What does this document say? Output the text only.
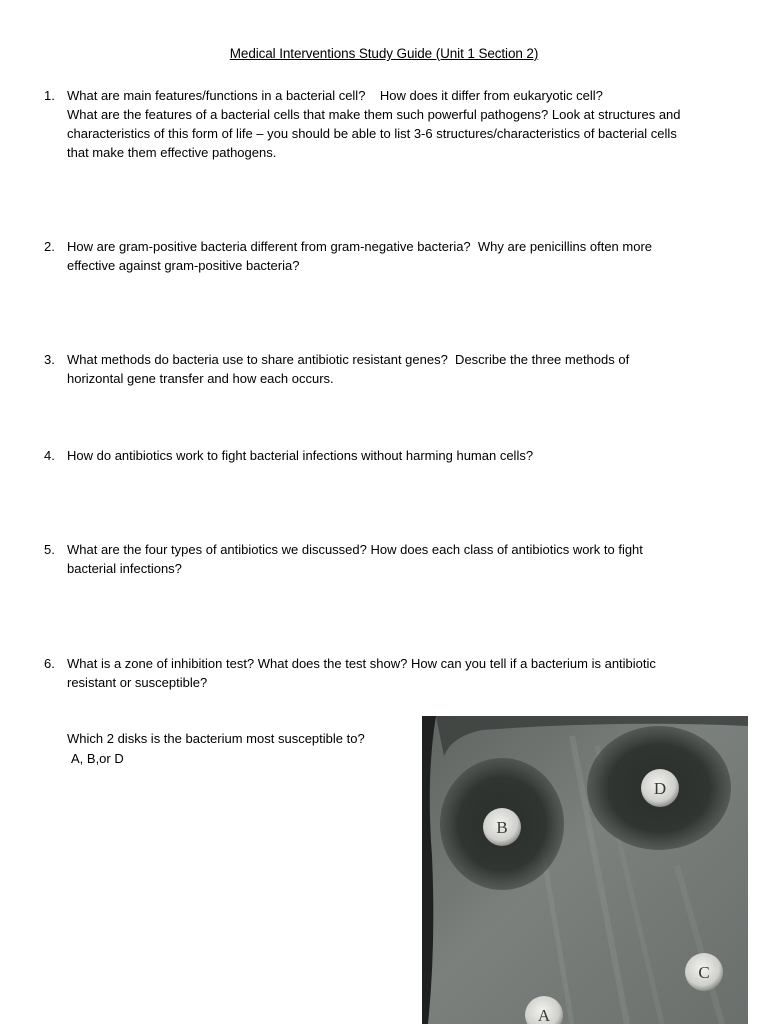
Medical Interventions Study Guide (Unit 1 Section 2)
1. What are main features/functions in a bacterial cell?    How does it differ from eukaryotic cell?
What are the features of a bacterial cells that make them such powerful pathogens? Look at structures and
characteristics of this form of life – you should be able to list 3-6 structures/characteristics of bacterial cells
that make them effective pathogens.
2. How are gram-positive bacteria different from gram-negative bacteria?  Why are penicillins often more
effective against gram-positive bacteria?
3. What methods do bacteria use to share antibiotic resistant genes?  Describe the three methods of
horizontal gene transfer and how each occurs.
4. How do antibiotics work to fight bacterial infections without harming human cells?
5. What are the four types of antibiotics we discussed? How does each class of antibiotics work to fight
bacterial infections?
6. What is a zone of inhibition test? What does the test show? How can you tell if a bacterium is antibiotic
resistant or susceptible?
Which 2 disks is the bacterium most susceptible to?
A, B,or D
B
D
C
A
